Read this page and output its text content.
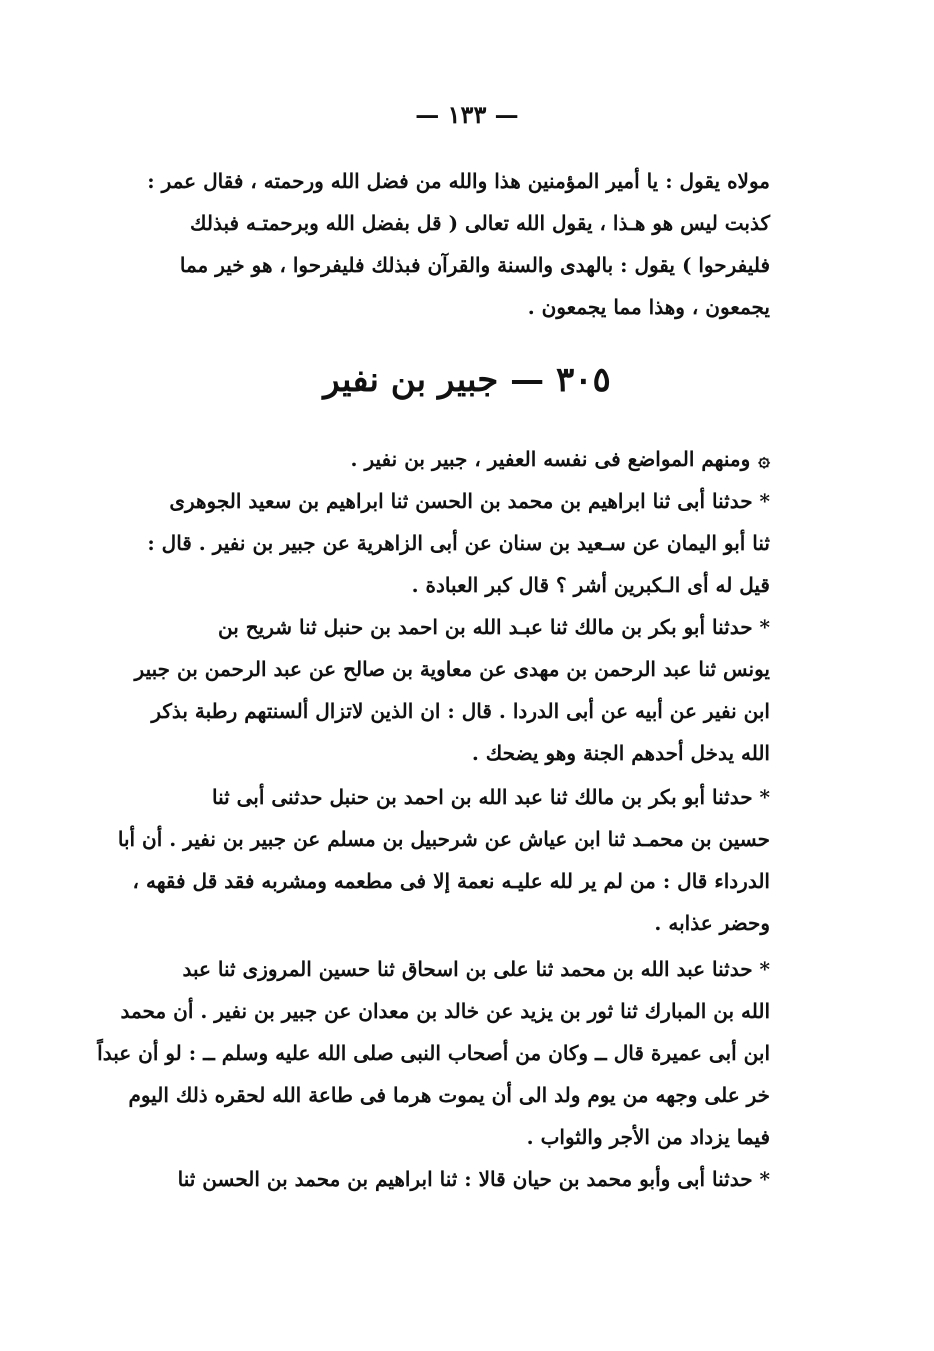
— ١٣٣ —
مولاه يقول : يا أمير المؤمنين هذا والله من فضل الله ورحمته ، فقال عمر :
كذبت ليس هو هـذا ، يقول الله تعالى ( قل بفضل الله وبرحمتـه فبذلك
فليفرحوا ) يقول : بالهدى والسنة والقرآن فبذلك فليفرحوا ، هو خير مما
يجمعون ، وهذا مما يجمعون .
٣٠٥ — جبير بن نفير
۞ومنهم المواضع فى نفسه العفير ، جبير بن نفير .
* حدثنا أبى ثنا ابراهيم بن محمد بن الحسن ثنا ابراهيم بن سعيد الجوهرى
ثنا أبو اليمان عن سـعيد بن سنان عن أبى الزاهرية عن جبير بن نفير . قال :
قيل له أى الـكبرين أشر ؟ قال كبر العبادة .
* حدثنا أبو بكر بن مالك ثنا عبـد الله بن احمد بن حنبل ثنا شريح بن
يونس ثنا عبد الرحمن بن مهدى عن معاوية بن صالح عن عبد الرحمن بن جبير
ابن نفير عن أبيه عن أبى الدردا . قال : ان الذين لاتزال ألسنتهم رطبة بذكر
الله يدخل أحدهم الجنة وهو يضحك .
* حدثنا أبو بكر بن مالك ثنا عبد الله بن احمد بن حنبل حدثنى أبى ثنا
حسين بن محمـد ثنا ابن عياش عن شرحبيل بن مسلم عن جبير بن نفير . أن أبا
الدرداء قال : من لم ير لله عليـه نعمة إلا فى مطعمه ومشربه فقد قل فقهه ،
وحضر عذابه .
* حدثنا عبد الله بن محمد ثنا على بن اسحاق ثنا حسين المروزى ثنا عبد
الله بن المبارك ثنا ثور بن يزيد عن خالد بن معدان عن جبير بن نفير . أن محمد
ابن أبى عميرة قال ــ وكان من أصحاب النبى صلى الله عليه وسلم ــ : لو أن عبداً
خر على وجهه من يوم ولد الى أن يموت هرما فى طاعة الله لحقره ذلك اليوم
فيما يزداد من الأجر والثواب .
* حدثنا أبى وأبو محمد بن حيان قالا : ثنا ابراهيم بن محمد بن الحسن ثنا
